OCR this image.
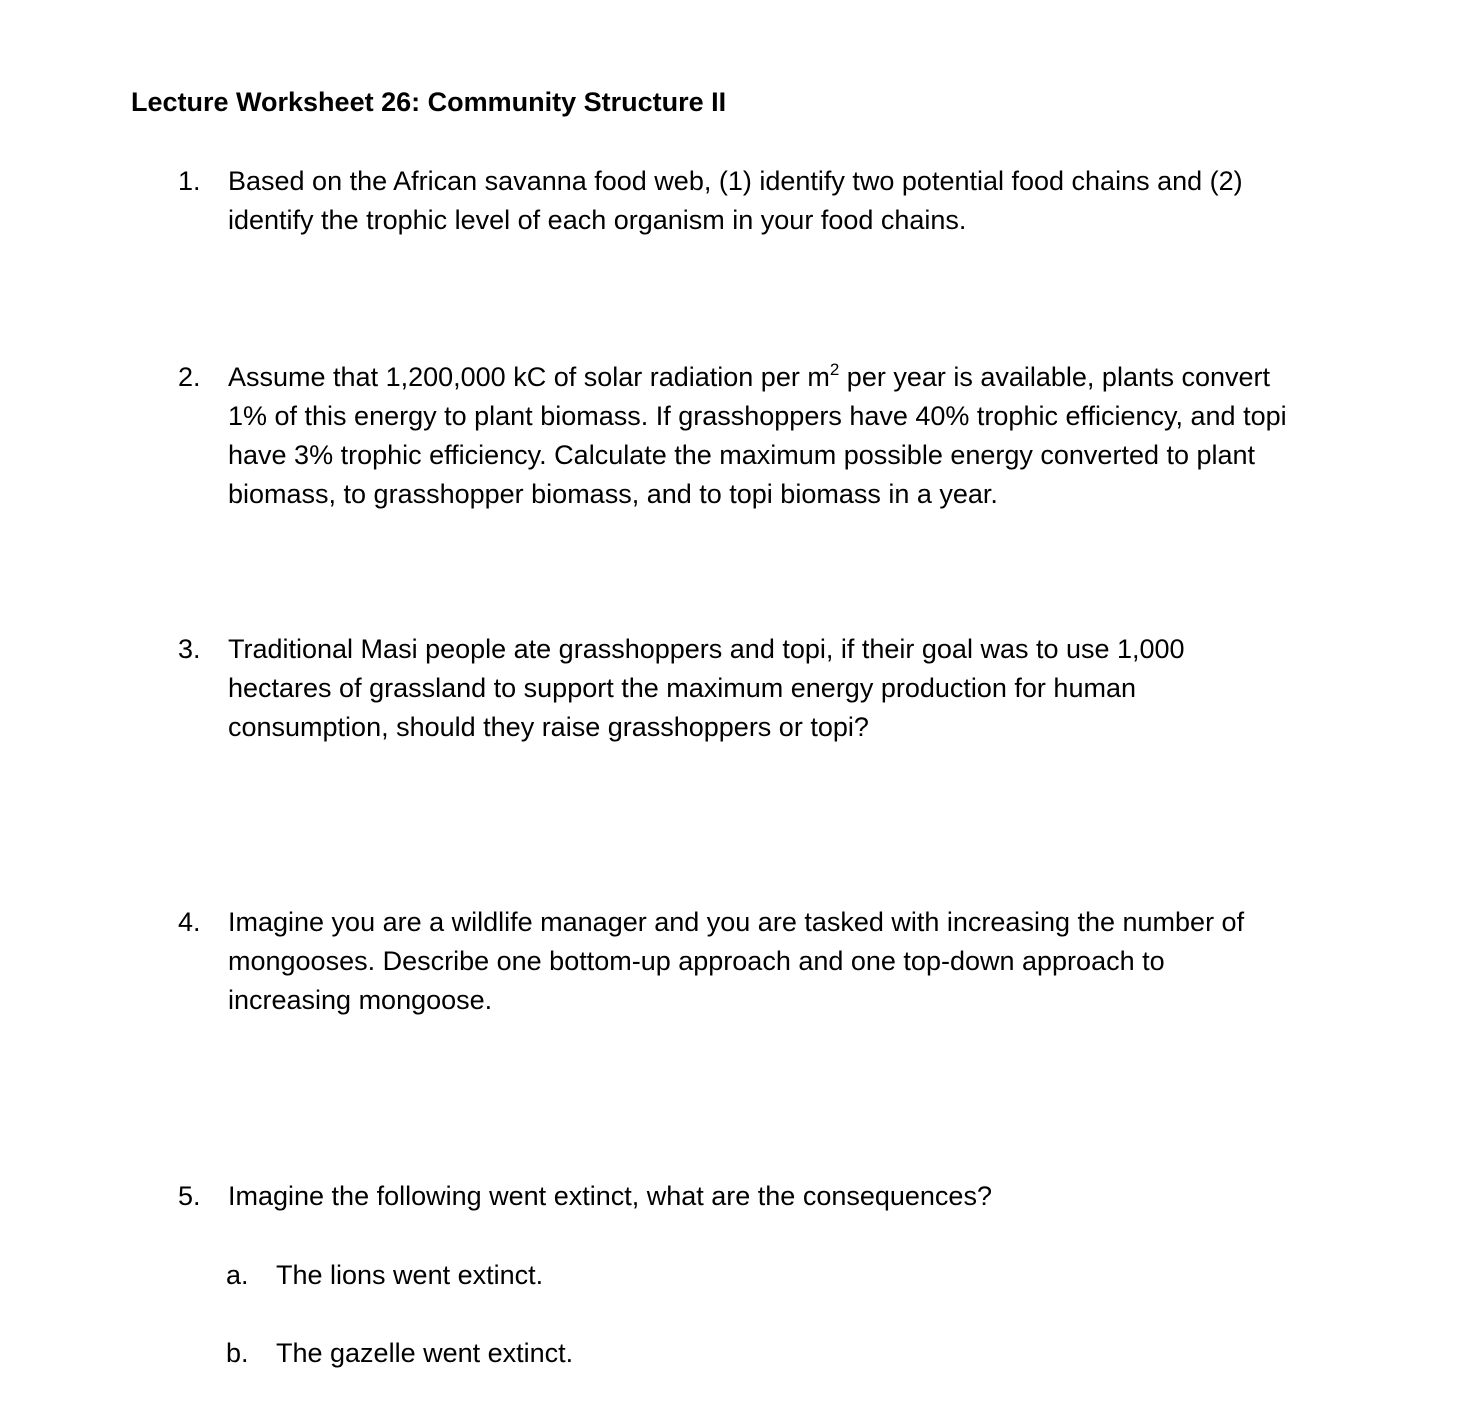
Lecture Worksheet 26: Community Structure II
1.	Based on the African savanna food web, (1) identify two potential food chains and (2)
identify the trophic level of each organism in your food chains.
2.	Assume that 1,200,000 kC of solar radiation per $m^2$ per year is available, plants convert
1% of this energy to plant biomass. If grasshoppers have 40% trophic efficiency, and topi
have 3% trophic efficiency. Calculate the maximum possible energy converted to plant
biomass, to grasshopper biomass, and to topi biomass in a year.
3.	Traditional Masi people ate grasshoppers and topi, if their goal was to use 1,000
hectares of grassland to support the maximum energy production for human
consumption, should they raise grasshoppers or topi?
4.	Imagine you are a wildlife manager and you are tasked with increasing the number of
mongooses. Describe one bottom-up approach and one top-down approach to
increasing mongoose.
5.	Imagine the following went extinct, what are the consequences?
a. The lions went extinct.
b. The gazelle went extinct.
